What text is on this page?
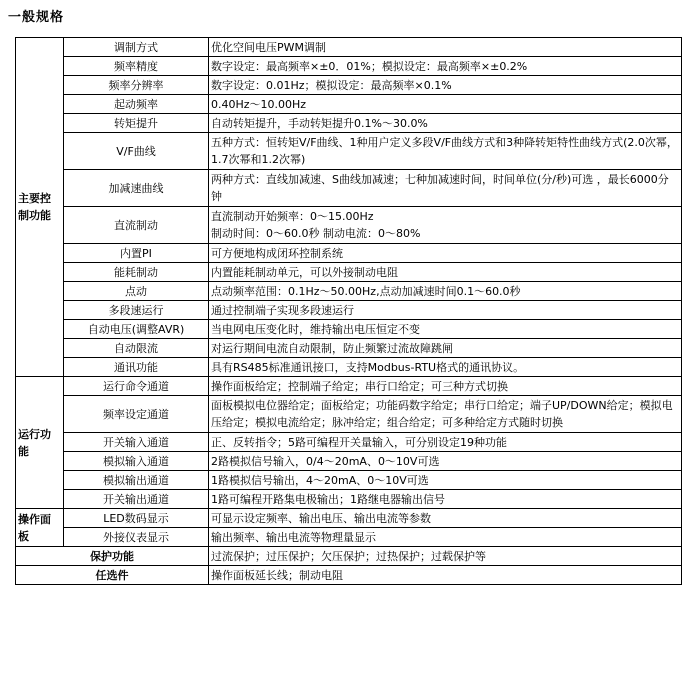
一般规格
主要控
制功能	调制方式	优化空间电压PWM调制
	频率精度	数字设定：最高频率×±0．01%；模拟设定：最高频率×±0.2%
	频率分辨率	数字设定：0.01Hz；模拟设定：最高频率×0.1%
	起动频率	0.40Hz～10.00Hz
	转矩提升	自动转矩提升，手动转矩提升0.1%～30.0%
	V/F曲线	五种方式：恒转矩V/F曲线、1种用户定义多段V/F曲线方式和3种降转矩特性曲线方式(2.0次幂，1.7次幂和1.2次幂)
	加减速曲线	两种方式：直线加减速、S曲线加减速；七种加减速时间，时间单位(分/秒)可选 ，最长6000分钟
	直流制动	直流制动开始频率：0～15.00Hz
制动时间：0～60.0秒 制动电流：0～80%
	内置PI	可方便地构成闭环控制系统
	能耗制动	内置能耗制动单元，可以外接制动电阻
	点动	点动频率范围：0.1Hz～50.00Hz,点动加减速时间0.1～60.0秒
	多段速运行	通过控制端子实现多段速运行
	自动电压(调整AVR)	当电网电压变化时，维持输出电压恒定不变
	自动限流	对运行期间电流自动限制，防止频繁过流故障跳闸
	通讯功能	具有RS485标准通讯接口，支持Modbus-RTU格式的通讯协议。
运行功
能	运行命令通道	操作面板给定；控制端子给定；串行口给定；可三种方式切换
	频率设定通道	面板模拟电位器给定；面板给定；功能码数字给定；串行口给定；端子UP/DOWN给定；模拟电压给定；模拟电流给定；脉冲给定；组合给定；可多种给定方式随时切换
	开关输入通道	正、反转指令；5路可编程开关量输入，可分别设定19种功能
	模拟输入通道	2路模拟信号输入，0/4～20mA、0～10V可选
	模拟输出通道	1路模拟信号输出，4～20mA、0～10V可选
	开关输出通道	1路可编程开路集电极输出；1路继电器输出信号
操作面
板	LED数码显示	可显示设定频率、输出电压、输出电流等参数
	外接仪表显示	输出频率、输出电流等物理量显示
保护功能		过流保护；过压保护；欠压保护；过热保护；过载保护等
任选件		操作面板延长线；制动电阻
